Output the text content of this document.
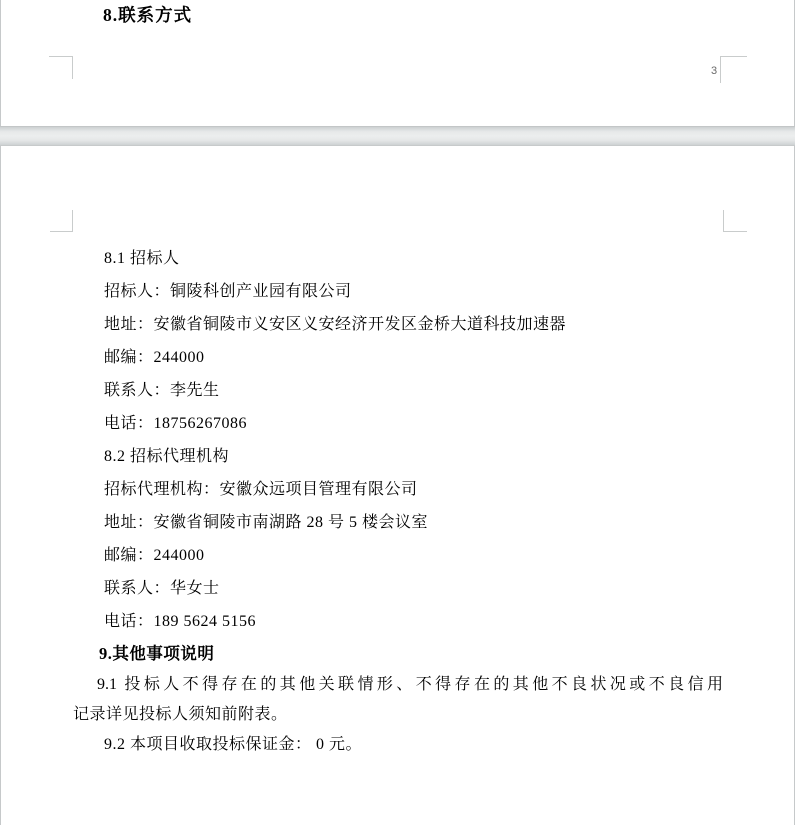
8.联系方式
3
8.1 招标人
招标人：铜陵科创产业园有限公司
地址：安徽省铜陵市义安区义安经济开发区金桥大道科技加速器
邮编：244000
联系人：李先生
电话：18756267086
8.2 招标代理机构
招标代理机构：安徽众远项目管理有限公司
地址：安徽省铜陵市南湖路 28 号 5 楼会议室
邮编：244000
联系人：华女士
电话：189 5624 5156
9.其他事项说明
9.1 投标人不得存在的其他关联情形、不得存在的其他不良状况或不良信用
记录详见投标人须知前附表。
9.2 本项目收取投标保证金： 0 元。
